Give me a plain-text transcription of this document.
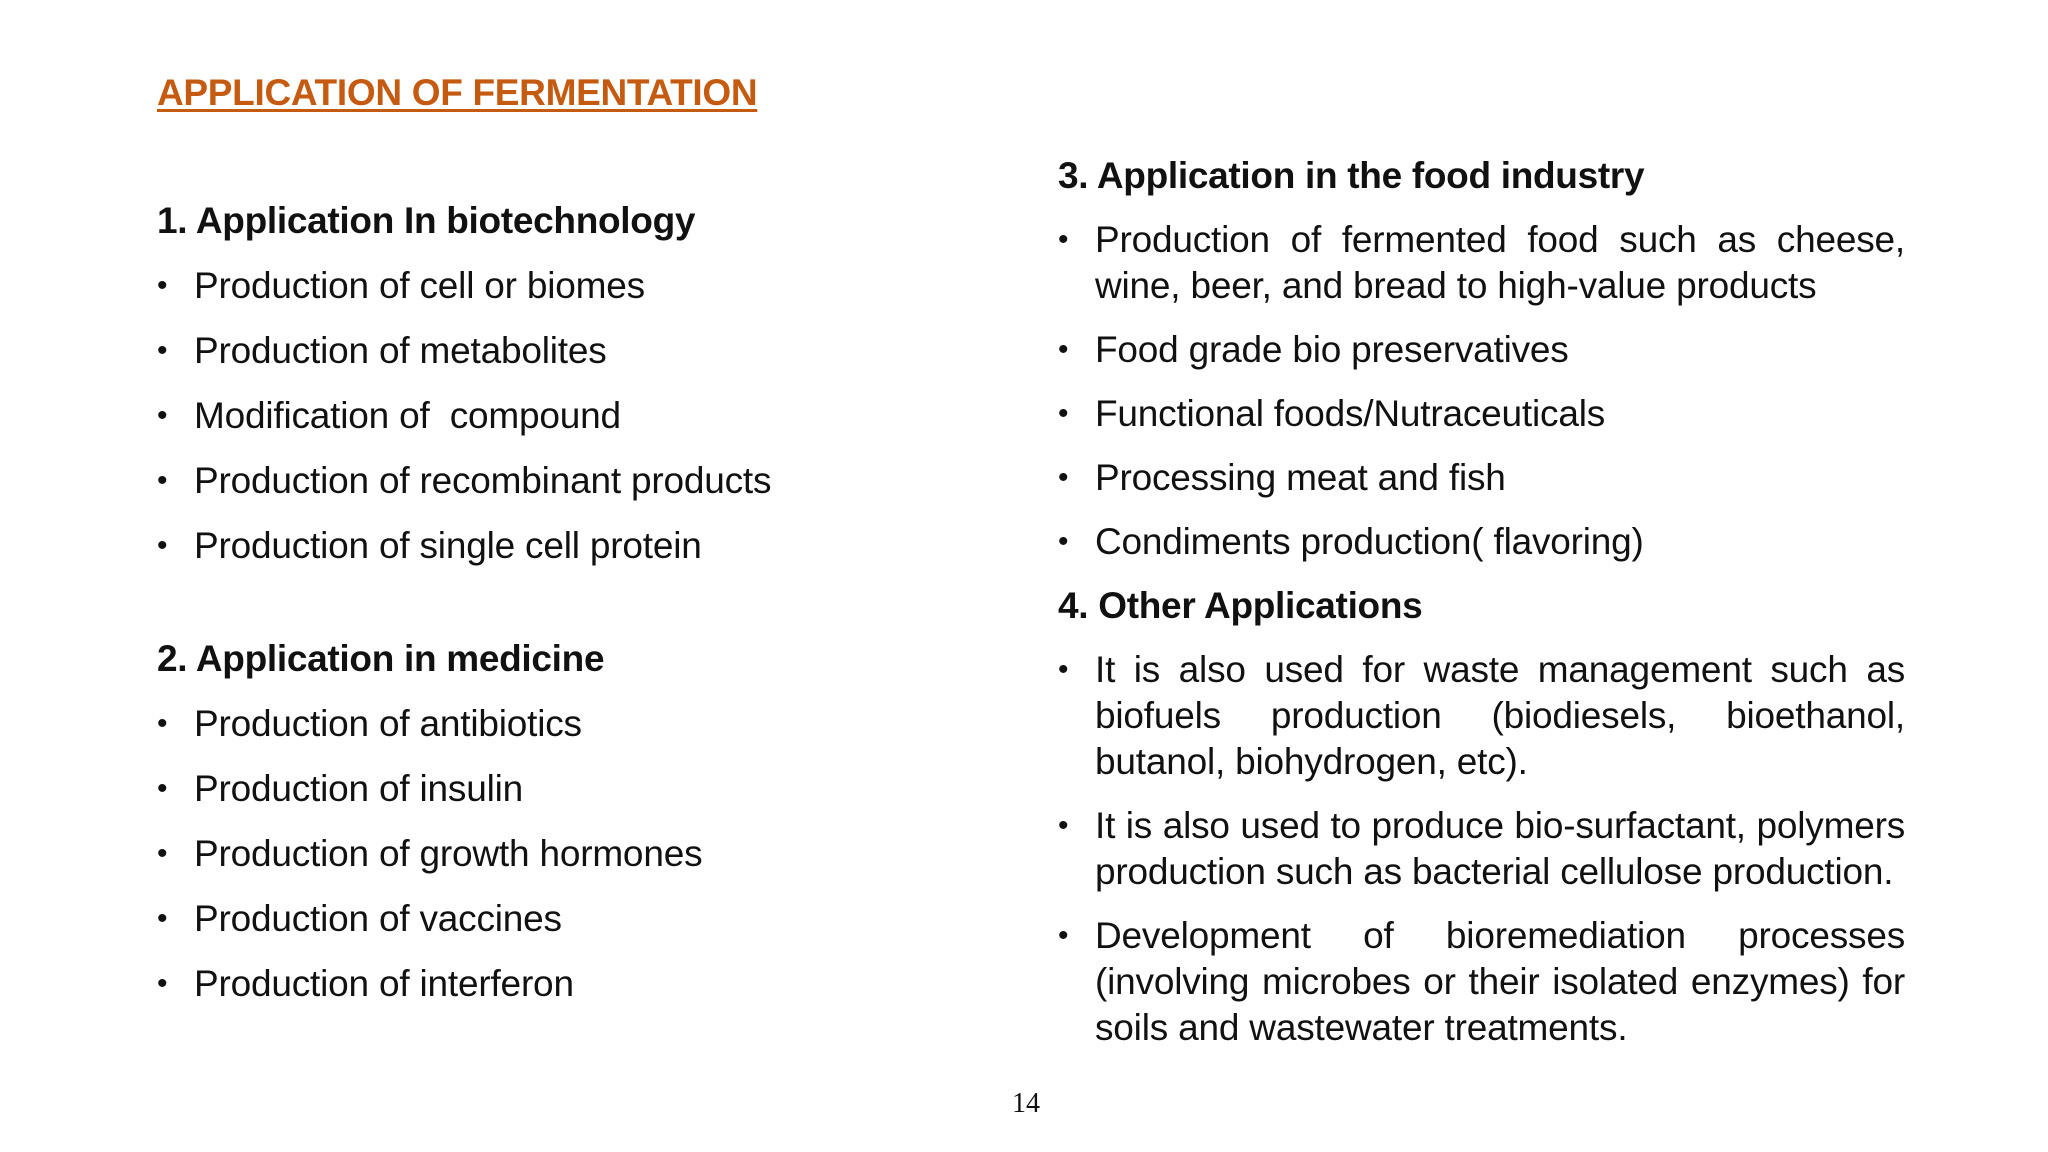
APPLICATION OF FERMENTATION
1. Application In biotechnology
• Production of cell or biomes
• Production of metabolites
• Modification of  compound
• Production of recombinant products
• Production of single cell protein
2. Application in medicine
• Production of antibiotics
• Production of insulin
• Production of growth hormones
• Production of vaccines
• Production of interferon
3. Application in the food industry
• Production of fermented food such as cheese, wine, beer, and bread to high-value products
• Food grade bio preservatives
• Functional foods/Nutraceuticals
• Processing meat and fish
• Condiments production( flavoring)
4. Other Applications
• It is also used for waste management such as biofuels production (biodiesels, bioethanol, butanol, biohydrogen, etc).
• It is also used to produce bio-surfactant, polymers production such as bacterial cellulose production.
• Development of bioremediation processes (involving microbes or their isolated enzymes) for soils and wastewater treatments.
14
